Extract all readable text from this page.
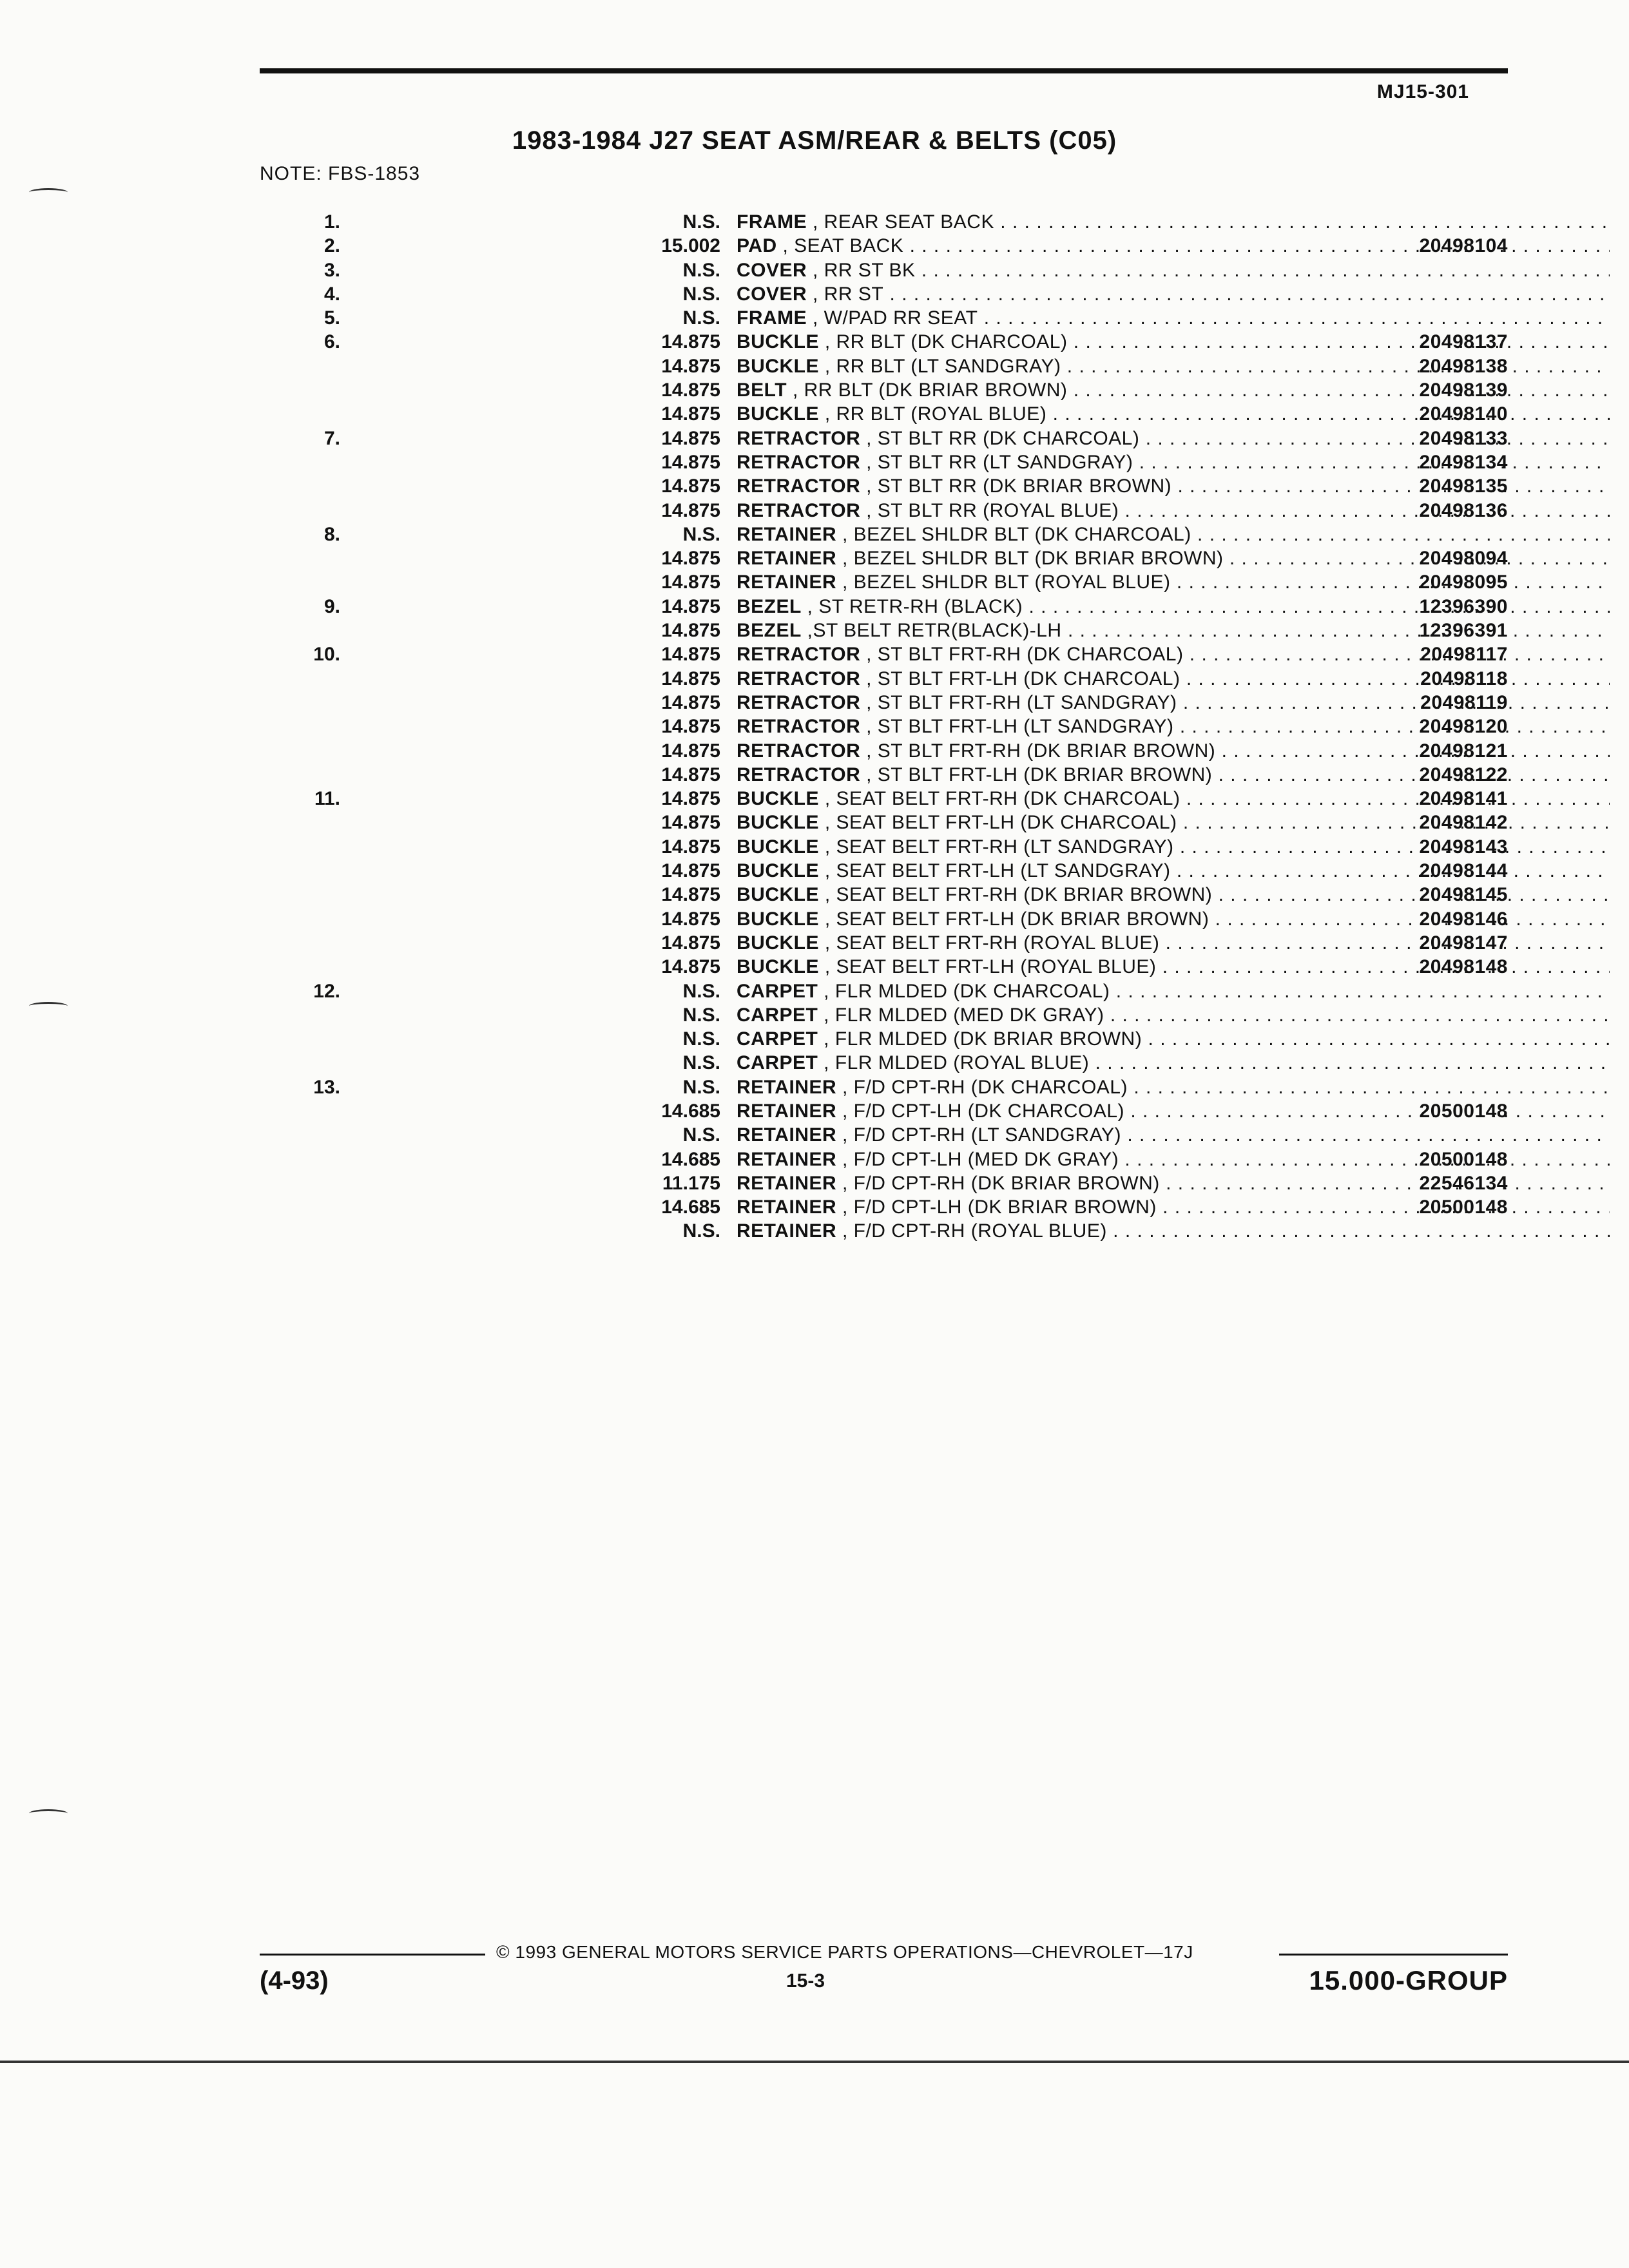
MJ15-301
1983-1984 J27 SEAT ASM/REAR & BELTS (C05)
NOTE: FBS-1853
1.	N.S. FRAME , REAR SEAT BACK . . .
2.	15.002 PAD , SEAT BACK . . .	20498104
3.	N.S. COVER , RR ST BK . . .
4.	N.S. COVER , RR ST . . .
5.	N.S. FRAME , W/PAD RR SEAT . . .
6.	14.875 BUCKLE , RR BLT (DK CHARCOAL) . . .	20498137
14.875 BUCKLE , RR BLT (LT SANDGRAY) . . .	20498138
14.875 BELT , RR BLT (DK BRIAR BROWN) . . .	20498139
14.875 BUCKLE , RR BLT (ROYAL BLUE) . . .	20498140
7.	14.875 RETRACTOR , ST BLT RR (DK CHARCOAL) . . .	20498133
14.875 RETRACTOR , ST BLT RR (LT SANDGRAY) . . .	20498134
14.875 RETRACTOR , ST BLT RR (DK BRIAR BROWN) . . .	20498135
14.875 RETRACTOR , ST BLT RR (ROYAL BLUE) . . .	20498136
8.	N.S. RETAINER , BEZEL SHLDR BLT (DK CHARCOAL) . . .
14.875 RETAINER , BEZEL SHLDR BLT (DK BRIAR BROWN) . . .	20498094
14.875 RETAINER , BEZEL SHLDR BLT (ROYAL BLUE) . . .	20498095
9.	14.875 BEZEL , ST RETR-RH (BLACK) . . .	12396390
14.875 BEZEL ,ST BELT RETR(BLACK)-LH . . .	12396391
10.	14.875 RETRACTOR , ST BLT FRT-RH (DK CHARCOAL) . . .	20498117
14.875 RETRACTOR , ST BLT FRT-LH (DK CHARCOAL) . . .	20498118
14.875 RETRACTOR , ST BLT FRT-RH (LT SANDGRAY) . . .	20498119
14.875 RETRACTOR , ST BLT FRT-LH (LT SANDGRAY) . . .	20498120
14.875 RETRACTOR , ST BLT FRT-RH (DK BRIAR BROWN) . . .	20498121
14.875 RETRACTOR , ST BLT FRT-LH (DK BRIAR BROWN) . . .	20498122
11.	14.875 BUCKLE , SEAT BELT FRT-RH (DK CHARCOAL) . . .	20498141
14.875 BUCKLE , SEAT BELT FRT-LH (DK CHARCOAL) . . .	20498142
14.875 BUCKLE , SEAT BELT FRT-RH (LT SANDGRAY) . . .	20498143
14.875 BUCKLE , SEAT BELT FRT-LH (LT SANDGRAY) . . .	20498144
14.875 BUCKLE , SEAT BELT FRT-RH (DK BRIAR BROWN) . . .	20498145
14.875 BUCKLE , SEAT BELT FRT-LH (DK BRIAR BROWN) . . .	20498146
14.875 BUCKLE , SEAT BELT FRT-RH (ROYAL BLUE) . . .	20498147
14.875 BUCKLE , SEAT BELT FRT-LH (ROYAL BLUE) . . .	20498148
12.	N.S. CARPET , FLR MLDED (DK CHARCOAL) . . .
N.S. CARPET , FLR MLDED (MED DK GRAY) . . .
N.S. CARPET , FLR MLDED (DK BRIAR BROWN) . . .
N.S. CARPET , FLR MLDED (ROYAL BLUE) . . .
13.	N.S. RETAINER , F/D CPT-RH (DK CHARCOAL) . . .
14.685 RETAINER , F/D CPT-LH (DK CHARCOAL) . . .	20500148
N.S. RETAINER , F/D CPT-RH (LT SANDGRAY) . . .
14.685 RETAINER , F/D CPT-LH (MED DK GRAY) . . .	20500148
11.175 RETAINER , F/D CPT-RH (DK BRIAR BROWN) . . .	22546134
14.685 RETAINER , F/D CPT-LH (DK BRIAR BROWN) . . .	20500148
N.S. RETAINER , F/D CPT-RH (ROYAL BLUE) . . .
© 1993 GENERAL MOTORS SERVICE PARTS OPERATIONS—CHEVROLET—17J
(4-93)	15-3	15.000-GROUP
